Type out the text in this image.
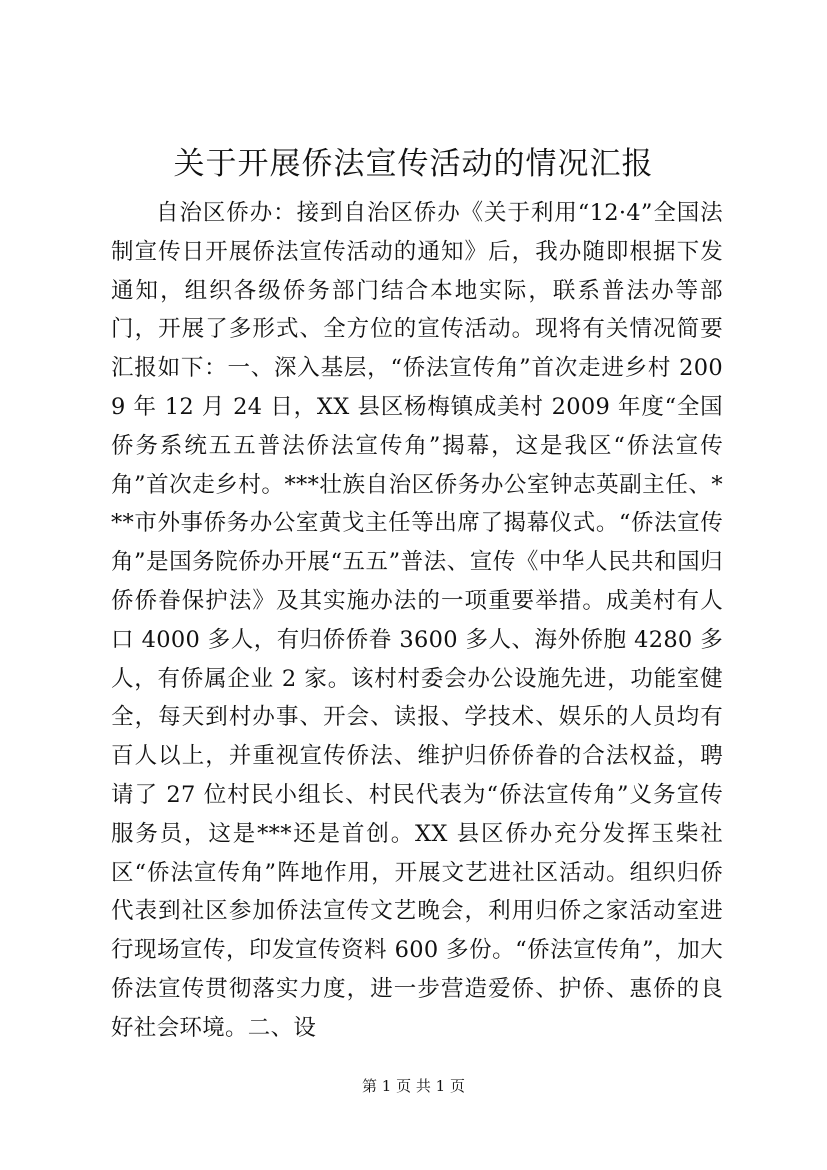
关于开展侨法宣传活动的情况汇报

自治区侨办：接到自治区侨办《关于利用“12·4”全国法制宣传日开展侨法宣传活动的通知》后，我办随即根据下发通知，组织各级侨务部门结合本地实际，联系普法办等部门，开展了多形式、全方位的宣传活动。现将有关情况简要汇报如下：一、深入基层，“侨法宣传角”首次走进乡村 2009 年 12 月 24 日，XX 县区杨梅镇成美村 2009 年度“全国侨务系统五五普法侨法宣传角”揭幕，这是我区“侨法宣传角”首次走乡村。***壮族自治区侨务办公室钟志英副主任、***市外事侨务办公室黄戈主任等出席了揭幕仪式。“侨法宣传角”是国务院侨办开展“五五”普法、宣传《中华人民共和国归侨侨眷保护法》及其实施办法的一项重要举措。成美村有人口 4000 多人，有归侨侨眷 3600 多人、海外侨胞 4280 多人，有侨属企业 2 家。该村村委会办公设施先进，功能室健全，每天到村办事、开会、读报、学技术、娱乐的人员均有百人以上，并重视宣传侨法、维护归侨侨眷的合法权益，聘请了 27 位村民小组长、村民代表为“侨法宣传角”义务宣传服务员，这是***还是首创。XX 县区侨办充分发挥玉柴社区“侨法宣传角”阵地作用，开展文艺进社区活动。组织归侨代表到社区参加侨法宣传文艺晚会，利用归侨之家活动室进行现场宣传，印发宣传资料 600 多份。“侨法宣传角”，加大侨法宣传贯彻落实力度，进一步营造爱侨、护侨、惠侨的良好社会环境。二、设

第 1 页 共 1 页
